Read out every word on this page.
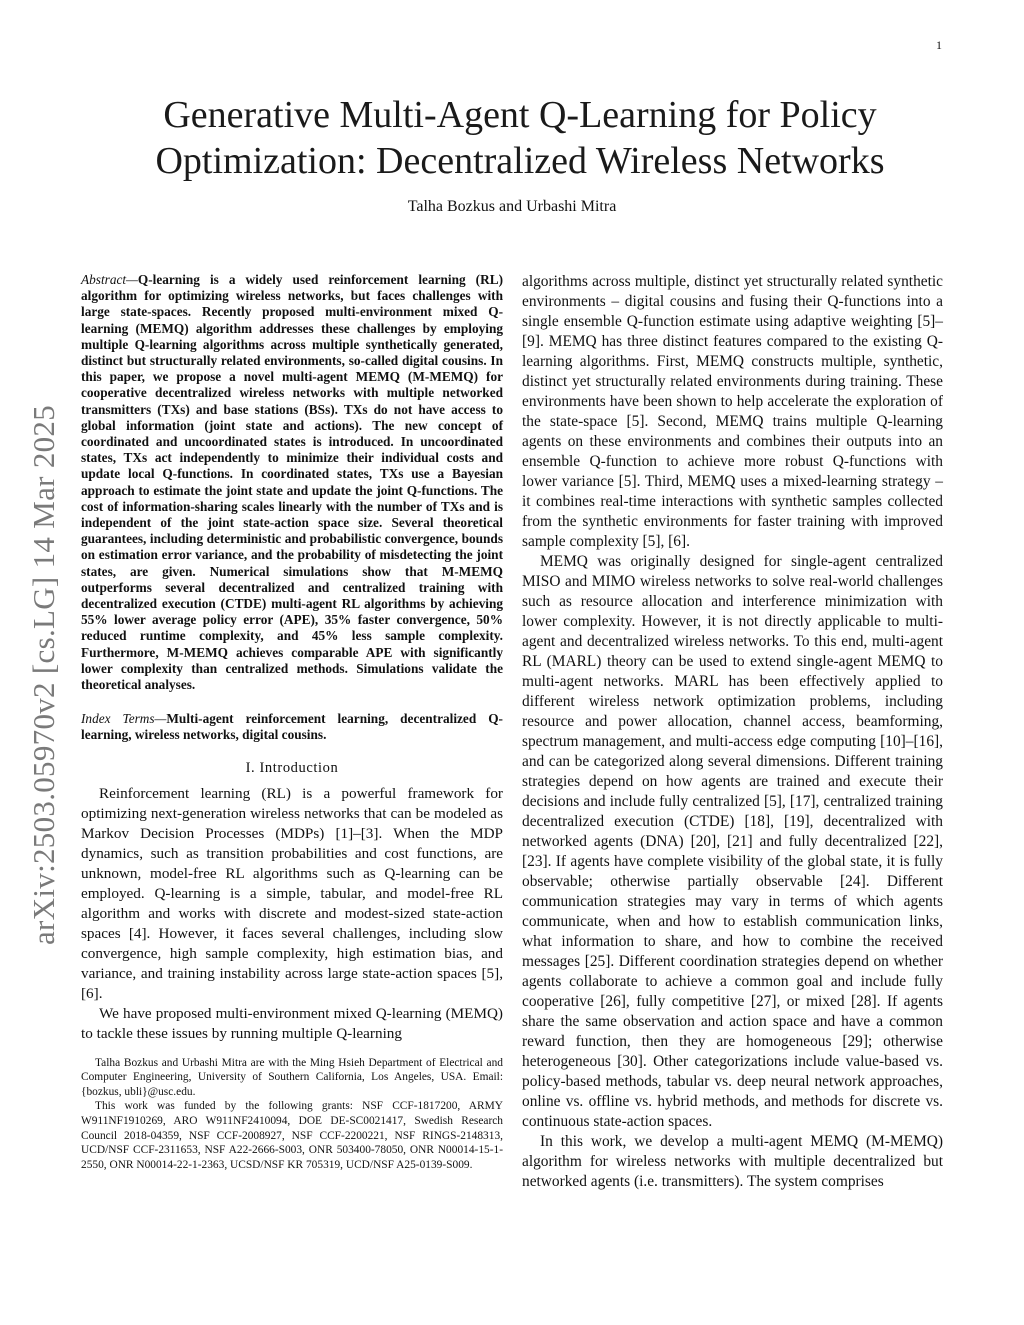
1
arXiv:2503.05970v2 [cs.LG] 14 Mar 2025
Generative Multi-Agent Q-Learning for Policy
Optimization: Decentralized Wireless Networks
Talha Bozkus and Urbashi Mitra
Abstract—Q-learning is a widely used reinforcement learning (RL) algorithm for optimizing wireless networks, but faces challenges with large state-spaces. Recently proposed multi-environment mixed Q-learning (MEMQ) algorithm addresses these challenges by employing multiple Q-learning algorithms across multiple synthetically generated, distinct but structurally related environments, so-called digital cousins. In this paper, we propose a novel multi-agent MEMQ (M-MEMQ) for cooperative decentralized wireless networks with multiple networked transmitters (TXs) and base stations (BSs). TXs do not have access to global information (joint state and actions). The new concept of coordinated and uncoordinated states is introduced. In uncoordinated states, TXs act independently to minimize their individual costs and update local Q-functions. In coordinated states, TXs use a Bayesian approach to estimate the joint state and update the joint Q-functions. The cost of information-sharing scales linearly with the number of TXs and is independent of the joint state-action space size. Several theoretical guarantees, including deterministic and probabilistic convergence, bounds on estimation error variance, and the probability of misdetecting the joint states, are given. Numerical simulations show that M-MEMQ outperforms several decentralized and centralized training with decentralized execution (CTDE) multi-agent RL algorithms by achieving 55% lower average policy error (APE), 35% faster convergence, 50% reduced runtime complexity, and 45% less sample complexity. Furthermore, M-MEMQ achieves comparable APE with significantly lower complexity than centralized methods. Simulations validate the theoretical analyses.
Index Terms—Multi-agent reinforcement learning, decentralized Q-learning, wireless networks, digital cousins.
I. Introduction

Reinforcement learning (RL) is a powerful framework for optimizing next-generation wireless networks that can be modeled as Markov Decision Processes (MDPs) [1]–[3]. When the MDP dynamics, such as transition probabilities and cost functions, are unknown, model-free RL algorithms such as Q-learning can be employed. Q-learning is a simple, tabular, and model-free RL algorithm and works with discrete and modest-sized state-action spaces [4]. However, it faces several challenges, including slow convergence, high sample complexity, high estimation bias, and variance, and training instability across large state-action spaces [5], [6].

We have proposed multi-environment mixed Q-learning (MEMQ) to tackle these issues by running multiple Q-learning

Talha Bozkus and Urbashi Mitra are with the Ming Hsieh Department of Electrical and Computer Engineering, University of Southern California, Los Angeles, USA. Email: {bozkus, ubli}@usc.edu.

This work was funded by the following grants: NSF CCF-1817200, ARMY W911NF1910269, ARO W911NF2410094, DOE DE-SC0021417, Swedish Research Council 2018-04359, NSF CCF-2008927, NSF CCF-2200221, NSF RINGS-2148313, UCD/NSF CCF-2311653, NSF A22-2666-S003, ONR 503400-78050, ONR N00014-15-1-2550, ONR N00014-22-1-2363, UCSD/NSF KR 705319, UCD/NSF A25-0139-S009.

algorithms across multiple, distinct yet structurally related synthetic environments – digital cousins and fusing their Q-functions into a single ensemble Q-function estimate using adaptive weighting [5]–[9]. MEMQ has three distinct features compared to the existing Q-learning algorithms. First, MEMQ constructs multiple, synthetic, distinct yet structurally related environments during training. These environments have been shown to help accelerate the exploration of the state-space [5]. Second, MEMQ trains multiple Q-learning agents on these environments and combines their outputs into an ensemble Q-function to achieve more robust Q-functions with lower variance [5]. Third, MEMQ uses a mixed-learning strategy – it combines real-time interactions with synthetic samples collected from the synthetic environments for faster training with improved sample complexity [5], [6].

MEMQ was originally designed for single-agent centralized MISO and MIMO wireless networks to solve real-world challenges such as resource allocation and interference minimization with lower complexity. However, it is not directly applicable to multi-agent and decentralized wireless networks. To this end, multi-agent RL (MARL) theory can be used to extend single-agent MEMQ to multi-agent networks. MARL has been effectively applied to different wireless network optimization problems, including resource and power allocation, channel access, beamforming, spectrum management, and multi-access edge computing [10]–[16], and can be categorized along several dimensions. Different training strategies depend on how agents are trained and execute their decisions and include fully centralized [5], [17], centralized training decentralized execution (CTDE) [18], [19], decentralized with networked agents (DNA) [20], [21] and fully decentralized [22], [23]. If agents have complete visibility of the global state, it is fully observable; otherwise partially observable [24]. Different communication strategies may vary in terms of which agents communicate, when and how to establish communication links, what information to share, and how to combine the received messages [25]. Different coordination strategies depend on whether agents collaborate to achieve a common goal and include fully cooperative [26], fully competitive [27], or mixed [28]. If agents share the same observation and action space and have a common reward function, then they are homogeneous [29]; otherwise heterogeneous [30]. Other categorizations include value-based vs. policy-based methods, tabular vs. deep neural network approaches, online vs. offline vs. hybrid methods, and methods for discrete vs. continuous state-action spaces.

In this work, we develop a multi-agent MEMQ (M-MEMQ) algorithm for wireless networks with multiple decentralized but networked agents (i.e. transmitters). The system comprises
